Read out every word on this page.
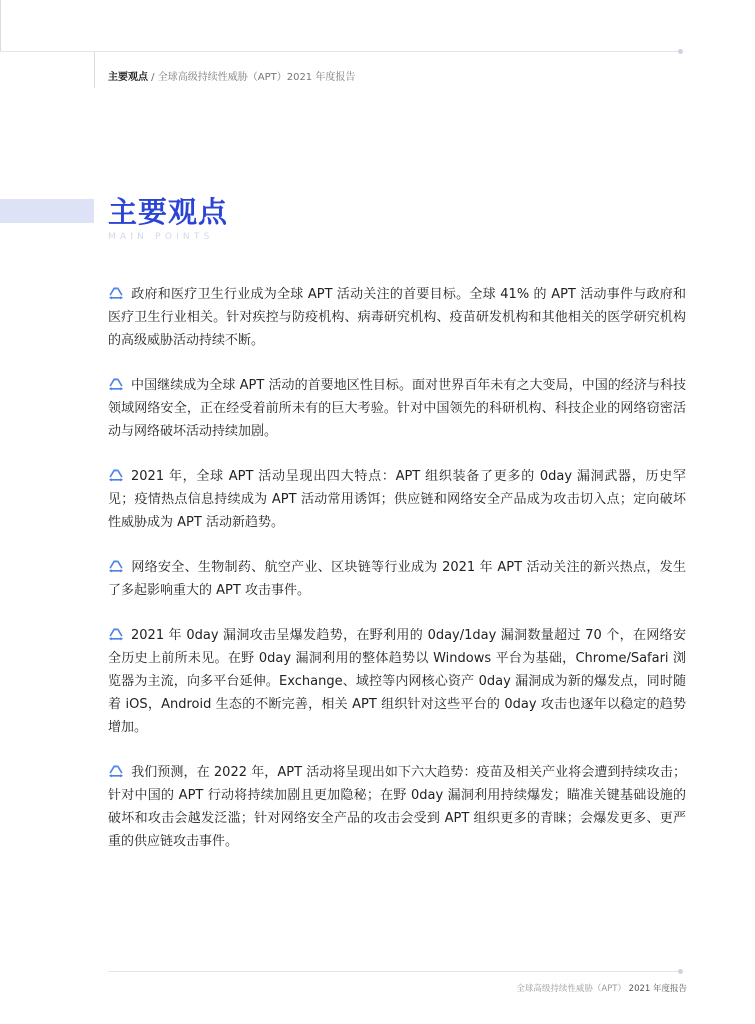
主要观点 / 全球高级持续性威胁（APT）2021 年度报告
主要观点
MAIN POINTS
政府和医疗卫生行业成为全球 APT 活动关注的首要目标。全球 41% 的 APT 活动事件与政府和医疗卫生行业相关。针对疾控与防疫机构、病毒研究机构、疫苗研发机构和其他相关的医学研究机构的高级威胁活动持续不断。
中国继续成为全球 APT 活动的首要地区性目标。面对世界百年未有之大变局，中国的经济与科技领域网络安全，正在经受着前所未有的巨大考验。针对中国领先的科研机构、科技企业的网络窃密活动与网络破坏活动持续加剧。
2021 年，全球 APT 活动呈现出四大特点：APT 组织装备了更多的 0day 漏洞武器，历史罕见；疫情热点信息持续成为 APT 活动常用诱饵；供应链和网络安全产品成为攻击切入点；定向破坏性威胁成为 APT 活动新趋势。
网络安全、生物制药、航空产业、区块链等行业成为 2021 年 APT 活动关注的新兴热点，发生了多起影响重大的 APT 攻击事件。
2021 年 0day 漏洞攻击呈爆发趋势，在野利用的 0day/1day 漏洞数量超过 70 个，在网络安全历史上前所未见。在野 0day 漏洞利用的整体趋势以 Windows 平台为基础，Chrome/Safari 浏览器为主流，向多平台延伸。Exchange、域控等内网核心资产 0day 漏洞成为新的爆发点，同时随着 iOS，Android 生态的不断完善，相关 APT 组织针对这些平台的 0day 攻击也逐年以稳定的趋势增加。
我们预测，在 2022 年，APT 活动将呈现出如下六大趋势：疫苗及相关产业将会遭到持续攻击；针对中国的 APT 行动将持续加剧且更加隐秘；在野 0day 漏洞利用持续爆发；瞄准关键基础设施的破坏和攻击会越发泛滥；针对网络安全产品的攻击会受到 APT 组织更多的青睐；会爆发更多、更严重的供应链攻击事件。
全球高级持续性威胁（APT） 2021 年度报告
